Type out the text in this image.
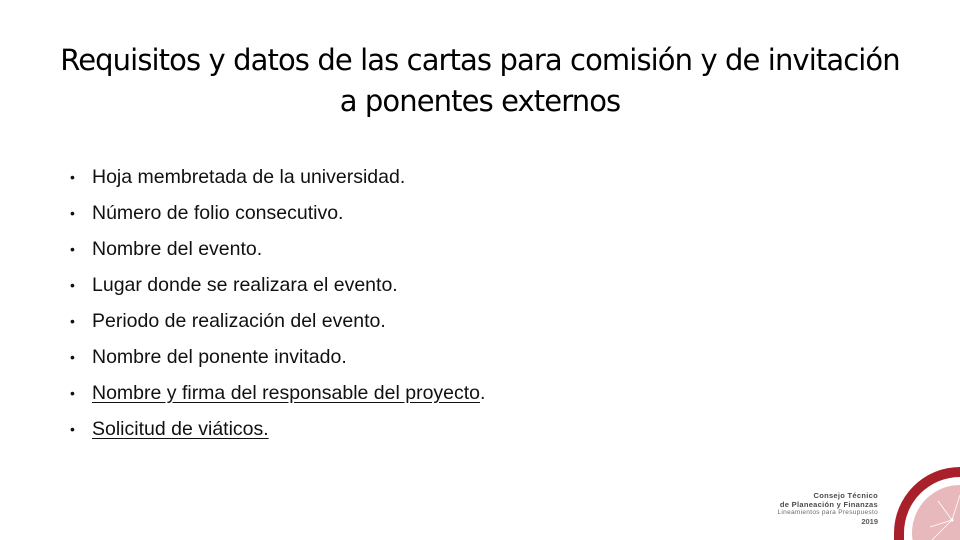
Requisitos y datos de las cartas para comisión y de invitación
a ponentes externos
• Hoja membretada de la universidad.
• Número de folio consecutivo.
• Nombre del evento.
• Lugar donde se realizara el evento.
• Periodo de realización del evento.
• Nombre del ponente invitado.
• Nombre y firma del responsable del proyecto.
• Solicitud de viáticos.
Consejo Técnico
de Planeación y Finanzas
Lineamientos para Presupuesto
2019
